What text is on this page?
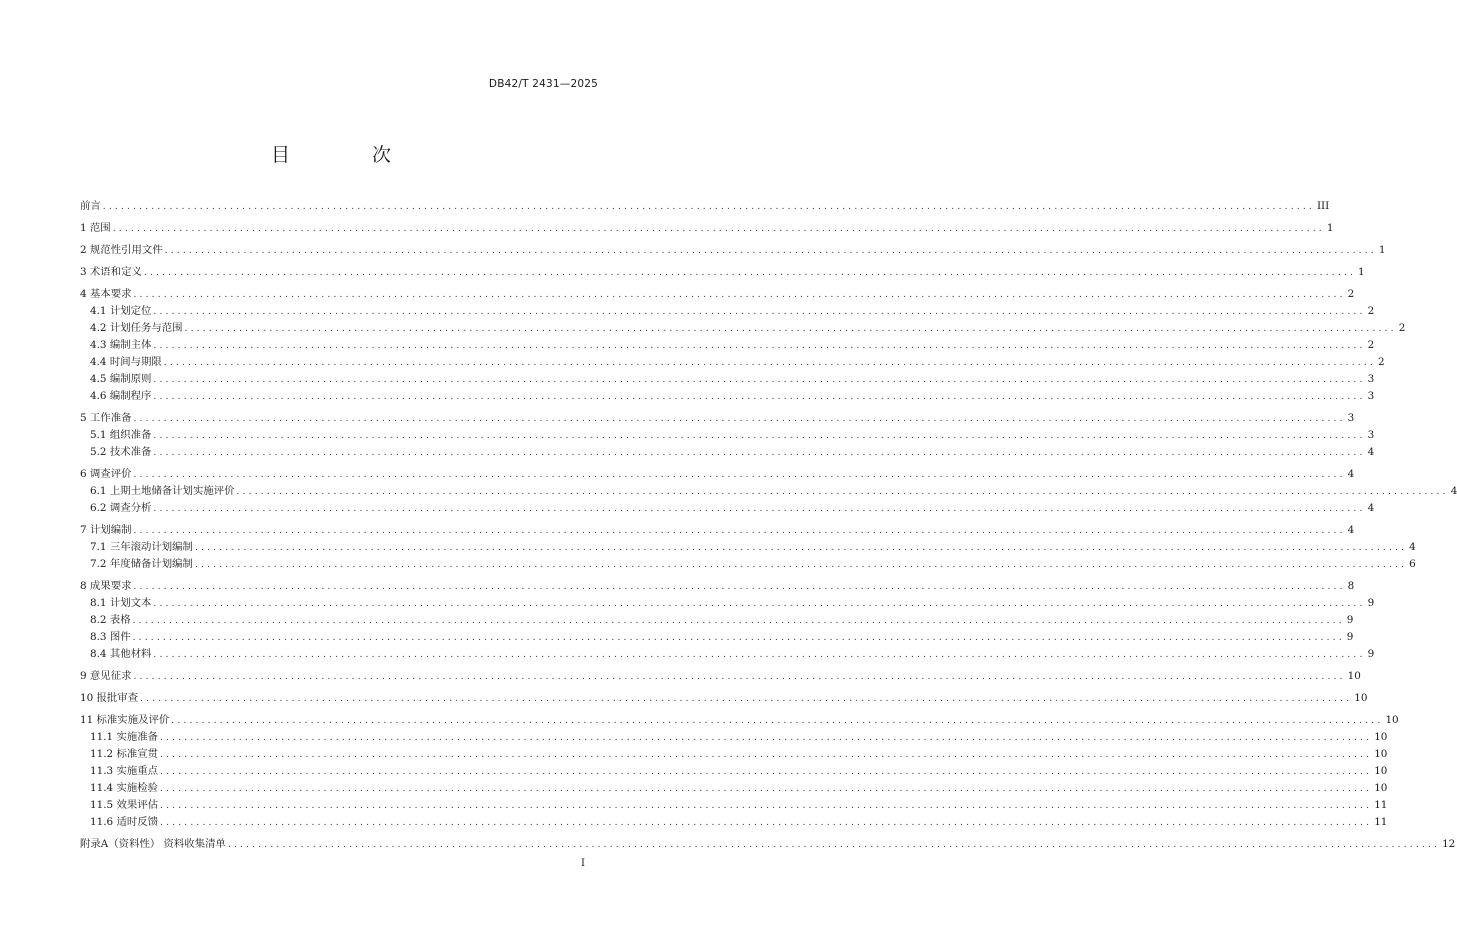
DB42/T 2431—2025
目 次
前言 ........................................................................................................................................................................................................ III
1 范围 ........................................................................................................................................................................................................ 1
2 规范性引用文件 ........................................................................................................................................................................................................ 1
3 术语和定义 ........................................................................................................................................................................................................ 1
4 基本要求 ........................................................................................................................................................................................................ 2
4.1 计划定位 ........................................................................................................................................................................................................ 2
4.2 计划任务与范围 ........................................................................................................................................................................................................ 2
4.3 编制主体 ........................................................................................................................................................................................................ 2
4.4 时间与期限 ........................................................................................................................................................................................................ 2
4.5 编制原则 ........................................................................................................................................................................................................ 3
4.6 编制程序 ........................................................................................................................................................................................................ 3
5 工作准备 ........................................................................................................................................................................................................ 3
5.1 组织准备 ........................................................................................................................................................................................................ 3
5.2 技术准备 ........................................................................................................................................................................................................ 4
6 调查评价 ........................................................................................................................................................................................................ 4
6.1 上期土地储备计划实施评价 ........................................................................................................................................................................................................ 4
6.2 调查分析 ........................................................................................................................................................................................................ 4
7 计划编制 ........................................................................................................................................................................................................ 4
7.1 三年滚动计划编制 ........................................................................................................................................................................................................ 4
7.2 年度储备计划编制 ........................................................................................................................................................................................................ 6
8 成果要求 ........................................................................................................................................................................................................ 8
8.1 计划文本 ........................................................................................................................................................................................................ 9
8.2 表格 ........................................................................................................................................................................................................ 9
8.3 图件 ........................................................................................................................................................................................................ 9
8.4 其他材料 ........................................................................................................................................................................................................ 9
9 意见征求 ........................................................................................................................................................................................................ 10
10 报批审查 ........................................................................................................................................................................................................ 10
11 标准实施及评价 ........................................................................................................................................................................................................ 10
11.1 实施准备 ........................................................................................................................................................................................................ 10
11.2 标准宣贯 ........................................................................................................................................................................................................ 10
11.3 实施重点 ........................................................................................................................................................................................................ 10
11.4 实施检验 ........................................................................................................................................................................................................ 10
11.5 效果评估 ........................................................................................................................................................................................................ 11
11.6 适时反馈 ........................................................................................................................................................................................................ 11
附录A（资料性） 资料收集清单 ........................................................................................................................................................................................................ 12
I
